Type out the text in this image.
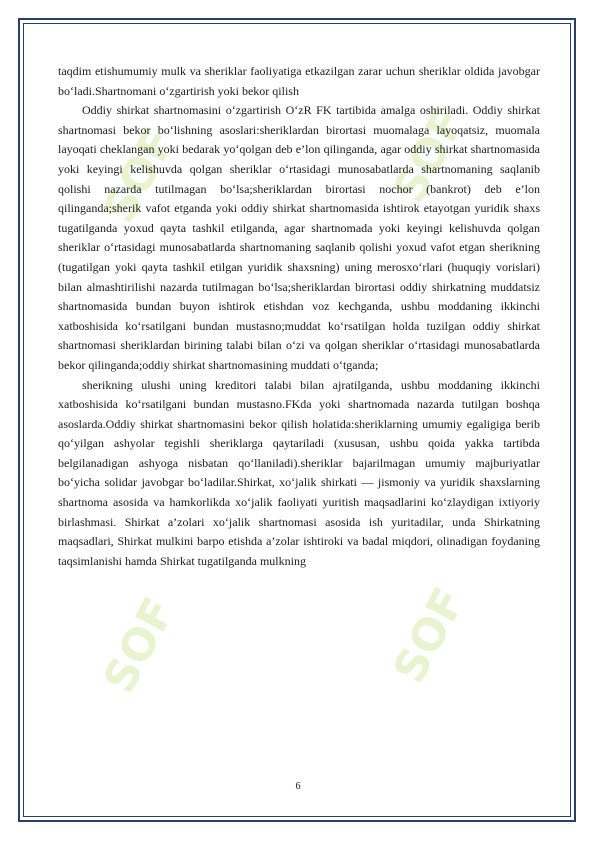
SOF	SOF
SOF	SOF

taqdim etishumumiy mulk va sheriklar faoliyatiga etkazilgan zarar uchun sheriklar oldida javobgar bo‘ladi.Shartnomani o‘zgartirish yoki bekor qilish

Oddiy shirkat shartnomasini o‘zgartirish O‘zR FK tartibida amalga oshiriladi. Oddiy shirkat shartnomasi bekor bo‘lishning asoslari:sheriklardan birortasi muomalaga layoqatsiz, muomala layoqati cheklangan yoki bedarak yo‘qolgan deb e’lon qilinganda, agar oddiy shirkat shartnomasida yoki keyingi kelishuvda qolgan sheriklar o‘rtasidagi munosabatlarda shartnomaning saqlanib qolishi nazarda tutilmagan bo‘lsa;sheriklardan birortasi nochor (bankrot) deb e’lon qilinganda;sherik vafot etganda yoki oddiy shirkat shartnomasida ishtirok etayotgan yuridik shaxs tugatilganda yoxud qayta tashkil etilganda, agar shartnomada yoki keyingi kelishuvda qolgan sheriklar o‘rtasidagi munosabatlarda shartnomaning saqlanib qolishi yoxud vafot etgan sherikning (tugatilgan yoki qayta tashkil etilgan yuridik shaxsning) uning merosxo‘rlari (huquqiy vorislari) bilan almashtirilishi nazarda tutilmagan bo‘lsa;sheriklardan birortasi oddiy shirkatning muddatsiz shartnomasida bundan buyon ishtirok etishdan voz kechganda, ushbu moddaning ikkinchi xatboshisida ko‘rsatilgani bundan mustasno;muddat ko‘rsatilgan holda tuzilgan oddiy shirkat shartnomasi sheriklardan birining talabi bilan o‘zi va qolgan sheriklar o‘rtasidagi munosabatlarda bekor qilinganda;oddiy shirkat shartnomasining muddati o‘tganda;

sherikning ulushi uning kreditori talabi bilan ajratilganda, ushbu moddaning ikkinchi xatboshisida ko‘rsatilgani bundan mustasno.FKda yoki shartnomada nazarda tutilgan boshqa asoslarda.Oddiy shirkat shartnomasini bekor qilish holatida:sheriklarning umumiy egaligiga berib qo‘yilgan ashyolar tegishli sheriklarga qaytariladi (xususan, ushbu qoida yakka tartibda belgilanadigan ashyoga nisbatan qo‘llaniladi).sheriklar bajarilmagan umumiy majburiyatlar bo‘yicha solidar javobgar bo‘ladilar.Shirkat, xo‘jalik shirkati — jismoniy va yuridik shaxslarning shartnoma asosida va hamkorlikda xo‘jalik faoliyati yuritish maqsadlarini ko‘zlaydigan ixtiyoriy birlashmasi. Shirkat a’zolari xo‘jalik shartnomasi asosida ish yuritadilar, unda Shirkatning maqsadlari, Shirkat mulkini barpo etishda a’zolar ishtiroki va badal miqdori, olinadigan foydaning taqsimlanishi hamda Shirkat tugatilganda mulkning

6
